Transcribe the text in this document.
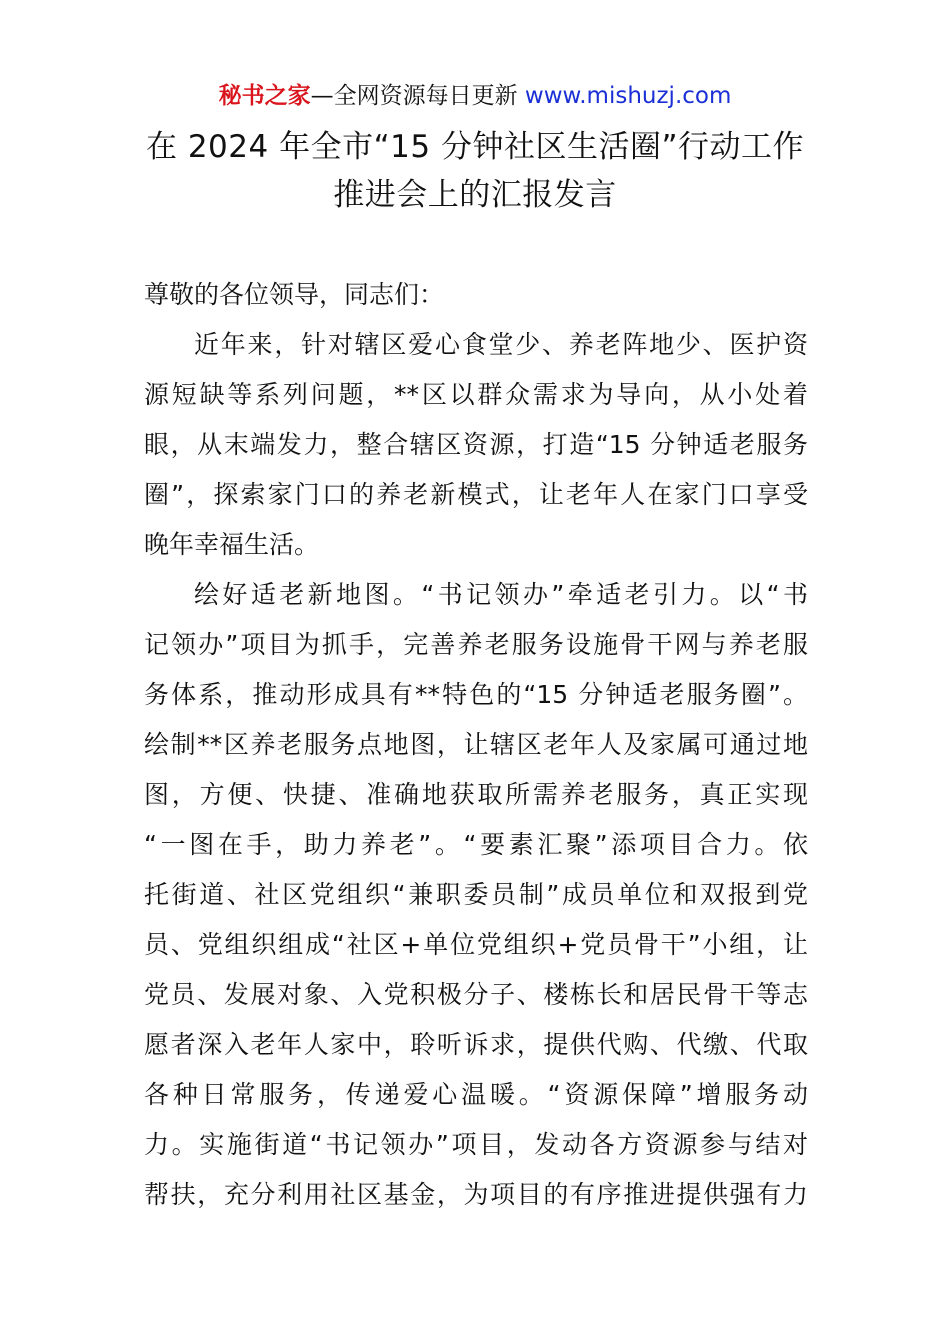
秘书之家—全网资源每日更新 www.mishuzj.com
在 2024 年全市“15 分钟社区生活圈”行动工作
推进会上的汇报发言
尊敬的各位领导，同志们：
近年来，针对辖区爱心食堂少、养老阵地少、医护资
源短缺等系列问题，**区以群众需求为导向，从小处着
眼，从末端发力，整合辖区资源，打造“15 分钟适老服务
圈”，探索家门口的养老新模式，让老年人在家门口享受
晚年幸福生活。
绘好适老新地图。“书记领办”牵适老引力。以“书
记领办”项目为抓手，完善养老服务设施骨干网与养老服
务体系，推动形成具有**特色的“15 分钟适老服务圈”。
绘制**区养老服务点地图，让辖区老年人及家属可通过地
图，方便、快捷、准确地获取所需养老服务，真正实现
“一图在手，助力养老”。“要素汇聚”添项目合力。依
托街道、社区党组织“兼职委员制”成员单位和双报到党
员、党组织组成“社区+单位党组织+党员骨干”小组，让
党员、发展对象、入党积极分子、楼栋长和居民骨干等志
愿者深入老年人家中，聆听诉求，提供代购、代缴、代取
各种日常服务，传递爱心温暖。“资源保障”增服务动
力。实施街道“书记领办”项目，发动各方资源参与结对
帮扶，充分利用社区基金，为项目的有序推进提供强有力
